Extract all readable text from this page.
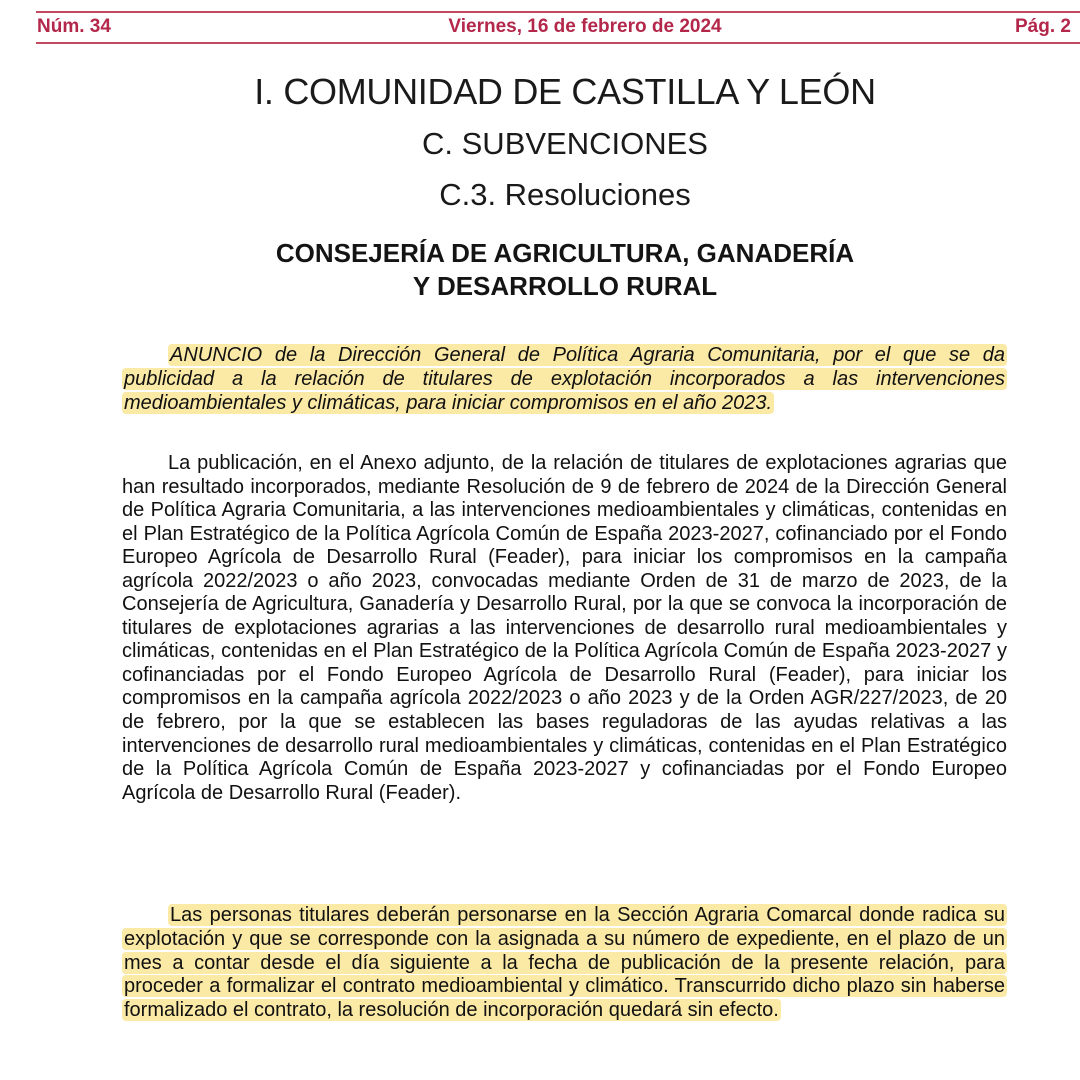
Núm. 34	Viernes, 16 de febrero de 2024	Pág. 2
I. COMUNIDAD DE CASTILLA Y LEÓN
C. SUBVENCIONES
C.3. Resoluciones
CONSEJERÍA DE AGRICULTURA, GANADERÍA
Y DESARROLLO RURAL

ANUNCIO de la Dirección General de Política Agraria Comunitaria, por el que se da publicidad a la relación de titulares de explotación incorporados a las intervenciones medioambientales y climáticas, para iniciar compromisos en el año 2023.

La publicación, en el Anexo adjunto, de la relación de titulares de explotaciones agrarias que han resultado incorporados, mediante Resolución de 9 de febrero de 2024 de la Dirección General de Política Agraria Comunitaria, a las intervenciones medioambientales y climáticas, contenidas en el Plan Estratégico de la Política Agrícola Común de España 2023-2027, cofinanciado por el Fondo Europeo Agrícola de Desarrollo Rural (Feader), para iniciar los compromisos en la campaña agrícola 2022/2023 o año 2023, convocadas mediante Orden de 31 de marzo de 2023, de la Consejería de Agricultura, Ganadería y Desarrollo Rural, por la que se convoca la incorporación de titulares de explotaciones agrarias a las intervenciones de desarrollo rural medioambientales y climáticas, contenidas en el Plan Estratégico de la Política Agrícola Común de España 2023-2027 y cofinanciadas por el Fondo Europeo Agrícola de Desarrollo Rural (Feader), para iniciar los compromisos en la campaña agrícola 2022/2023 o año 2023 y de la Orden AGR/227/2023, de 20 de febrero, por la que se establecen las bases reguladoras de las ayudas relativas a las intervenciones de desarrollo rural medioambientales y climáticas, contenidas en el Plan Estratégico de la Política Agrícola Común de España 2023-2027 y cofinanciadas por el Fondo Europeo Agrícola de Desarrollo Rural (Feader).

Las personas titulares deberán personarse en la Sección Agraria Comarcal donde radica su explotación y que se corresponde con la asignada a su número de expediente, en el plazo de un mes a contar desde el día siguiente a la fecha de publicación de la presente relación, para proceder a formalizar el contrato medioambiental y climático. Transcurrido dicho plazo sin haberse formalizado el contrato, la resolución de incorporación quedará sin efecto.
